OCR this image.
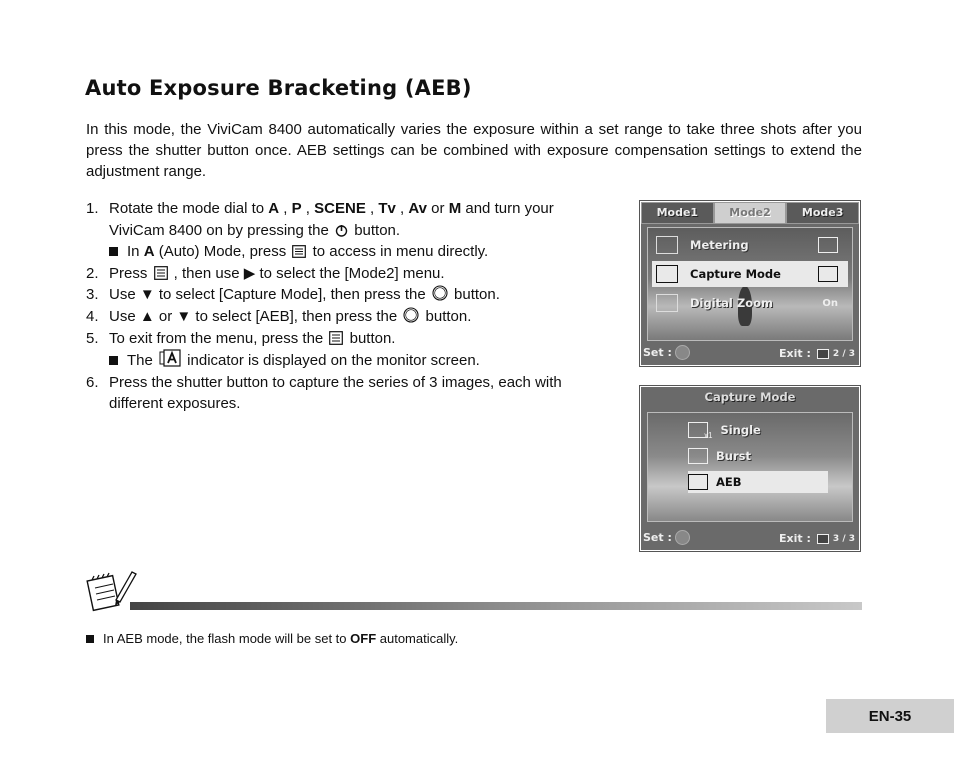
Auto Exposure Bracketing (AEB)

In this mode, the ViviCam 8400 automatically varies the exposure within a set range to take three shots after you press the shutter button once. AEB settings can be combined with exposure compensation settings to extend the adjustment range.

1. Rotate the mode dial to A , P , SCENE , Tv , Av or M and turn your ViviCam 8400 on by pressing the  button.
In A (Auto) Mode, press  to access in menu directly.
2. Press  , then use ▶ to select the [Mode2] menu.
3. Use ▼ to select [Capture Mode], then press the  button.
4. Use ▲ or ▼ to select [AEB], then press the  button.
5. To exit from the menu, press the  button.
The  indicator is displayed on the monitor screen.
6. Press the shutter button to capture the series of 3 images, each with different exposures.
Mode1	Mode2	Mode3
Metering
Capture Mode
Digital Zoom	On
Set :	Exit : 2 / 3
Capture Mode
x1 Single
Burst
AEB
Set :	Exit : 3 / 3
In AEB mode, the flash mode will be set to OFF automatically.
EN-35
